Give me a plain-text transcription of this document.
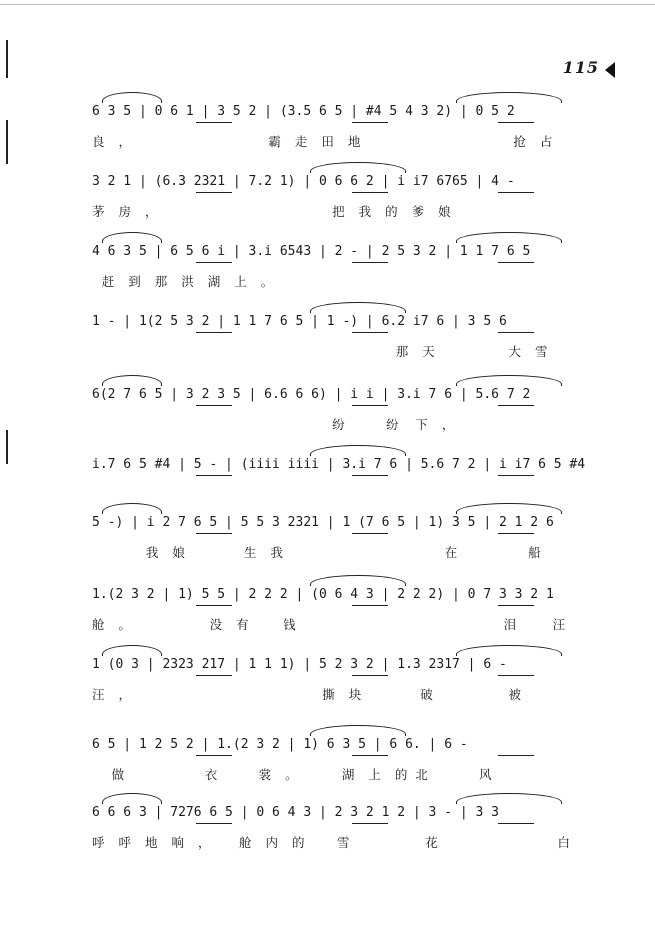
115
6 3 5 | 0 6 1 | 3 5 2 | (3.5 6 5 | #4 5 4 3 2) | 0 5 2
良，	霸走田地	抢占
3 2 1 | (6.3 2321 | 7.2 1) | 0 6 6 2 | i i7 6765 | 4 -
茅房，	把我的爹娘
4 6 3 5 | 6 5 6 i | 3.i 6543 | 2 - | 2 5 3 2 | 1 1 7 6 5
赶到那洪湖上。
1 - | 1(2 5 3 2 | 1 1 7 6 5 | 1 -) | 6.2 i7 6 | 3 5 6
那天	大雪
6(2 7 6 5 | 3 2 3 5 | 6.6 6 6) | i i | 3.i 7 6 | 5.6 7 2
纷 纷 下，
i.7 6 5 #4 | 5 - | (iiii iiii | 3.i 7 6 | 5.6 7 2 | i i7 6 5 #4
5 -) | i 2 7 6 5 | 5 5 3 2321 | 1 (7 6 5 | 1) 3 5 | 2 1 2 6
我娘	生我	在	船
1.(2 3 2 | 1) 5 5 | 2 2 2 | (0 6 4 3 | 2 2 2) | 0 7 3 3 2 1
舱。	没有 钱	泪 汪
1 (0 3 | 2323 217 | 1 1 1) | 5 2 3 2 | 1.3 2317 | 6 -
汪，	撕块	破	被
6 5 | 1 2 5 2 | 1.(2 3 2 | 1) 6 3 5 | 6 6. | 6 -
做	衣 裳。 湖上的
北	风
6 6 6 3 | 7276 6 5 | 0 6 4 3 | 2 3 2 1 2 | 3 - | 3 3
呼呼地响， 舱内的 雪	花	白
